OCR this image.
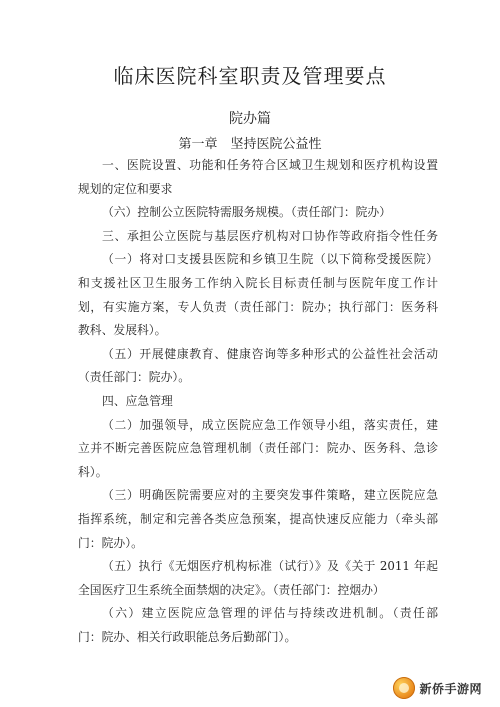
临床医院科室职责及管理要点
院办篇
第一章　坚持医院公益性
一、医院设置、功能和任务符合区域卫生规划和医疗机构设置
规划的定位和要求
（六）控制公立医院特需服务规模。（责任部门：院办）
三、承担公立医院与基层医疗机构对口协作等政府指令性任务
（一）将对口支援县医院和乡镇卫生院（以下简称受援医院）
和支援社区卫生服务工作纳入院长目标责任制与医院年度工作计
划，有实施方案，专人负责（责任部门：院办；执行部门：医务科
教科、发展科）。
（五）开展健康教育、健康咨询等多种形式的公益性社会活动
（责任部门：院办）。
四、应急管理
（二）加强领导，成立医院应急工作领导小组，落实责任，建
立并不断完善医院应急管理机制（责任部门：院办、医务科、急诊
科）。
（三）明确医院需要应对的主要突发事件策略，建立医院应急
指挥系统，制定和完善各类应急预案，提高快速反应能力（牵头部
门：院办）。
（五）执行《无烟医疗机构标准（试行）》及《关于 2011 年起
全国医疗卫生系统全面禁烟的决定》。（责任部门：控烟办）
（六）建立医院应急管理的评估与持续改进机制。（责任部
门：院办、相关行政职能总务后勤部门）。
新侨手游网
